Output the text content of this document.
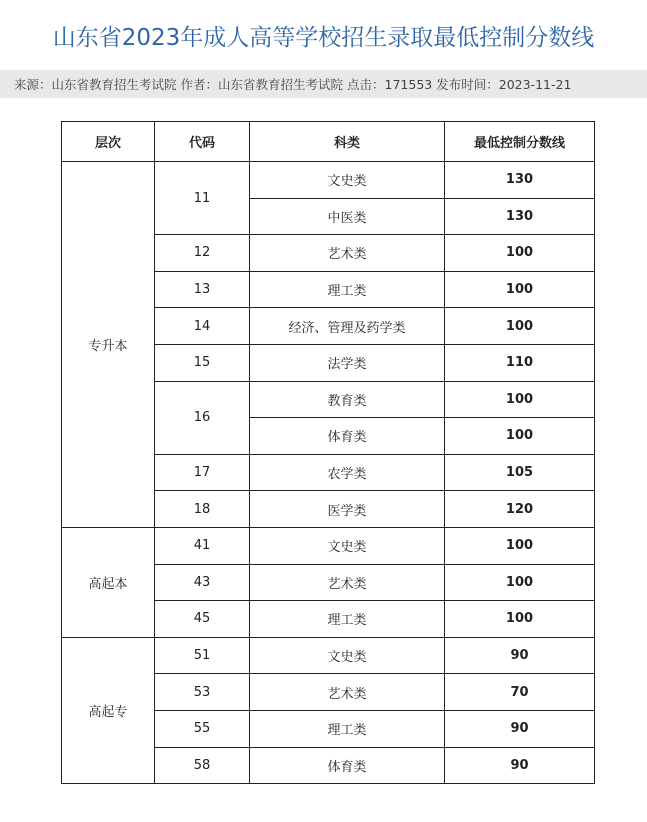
山东省2023年成人高等学校招生录取最低控制分数线
来源：山东省教育招生考试院 作者：山东省教育招生考试院 点击：171553 发布时间：2023-11-21
层次	代码	科类	最低控制分数线
专升本	11	文史类	130
		中医类	130
	12	艺术类	100
	13	理工类	100
	14	经济、管理及药学类	100
	15	法学类	110
	16	教育类	100
		体育类	100
	17	农学类	105
	18	医学类	120
高起本	41	文史类	100
	43	艺术类	100
	45	理工类	100
高起专	51	文史类	90
	53	艺术类	70
	55	理工类	90
	58	体育类	90
